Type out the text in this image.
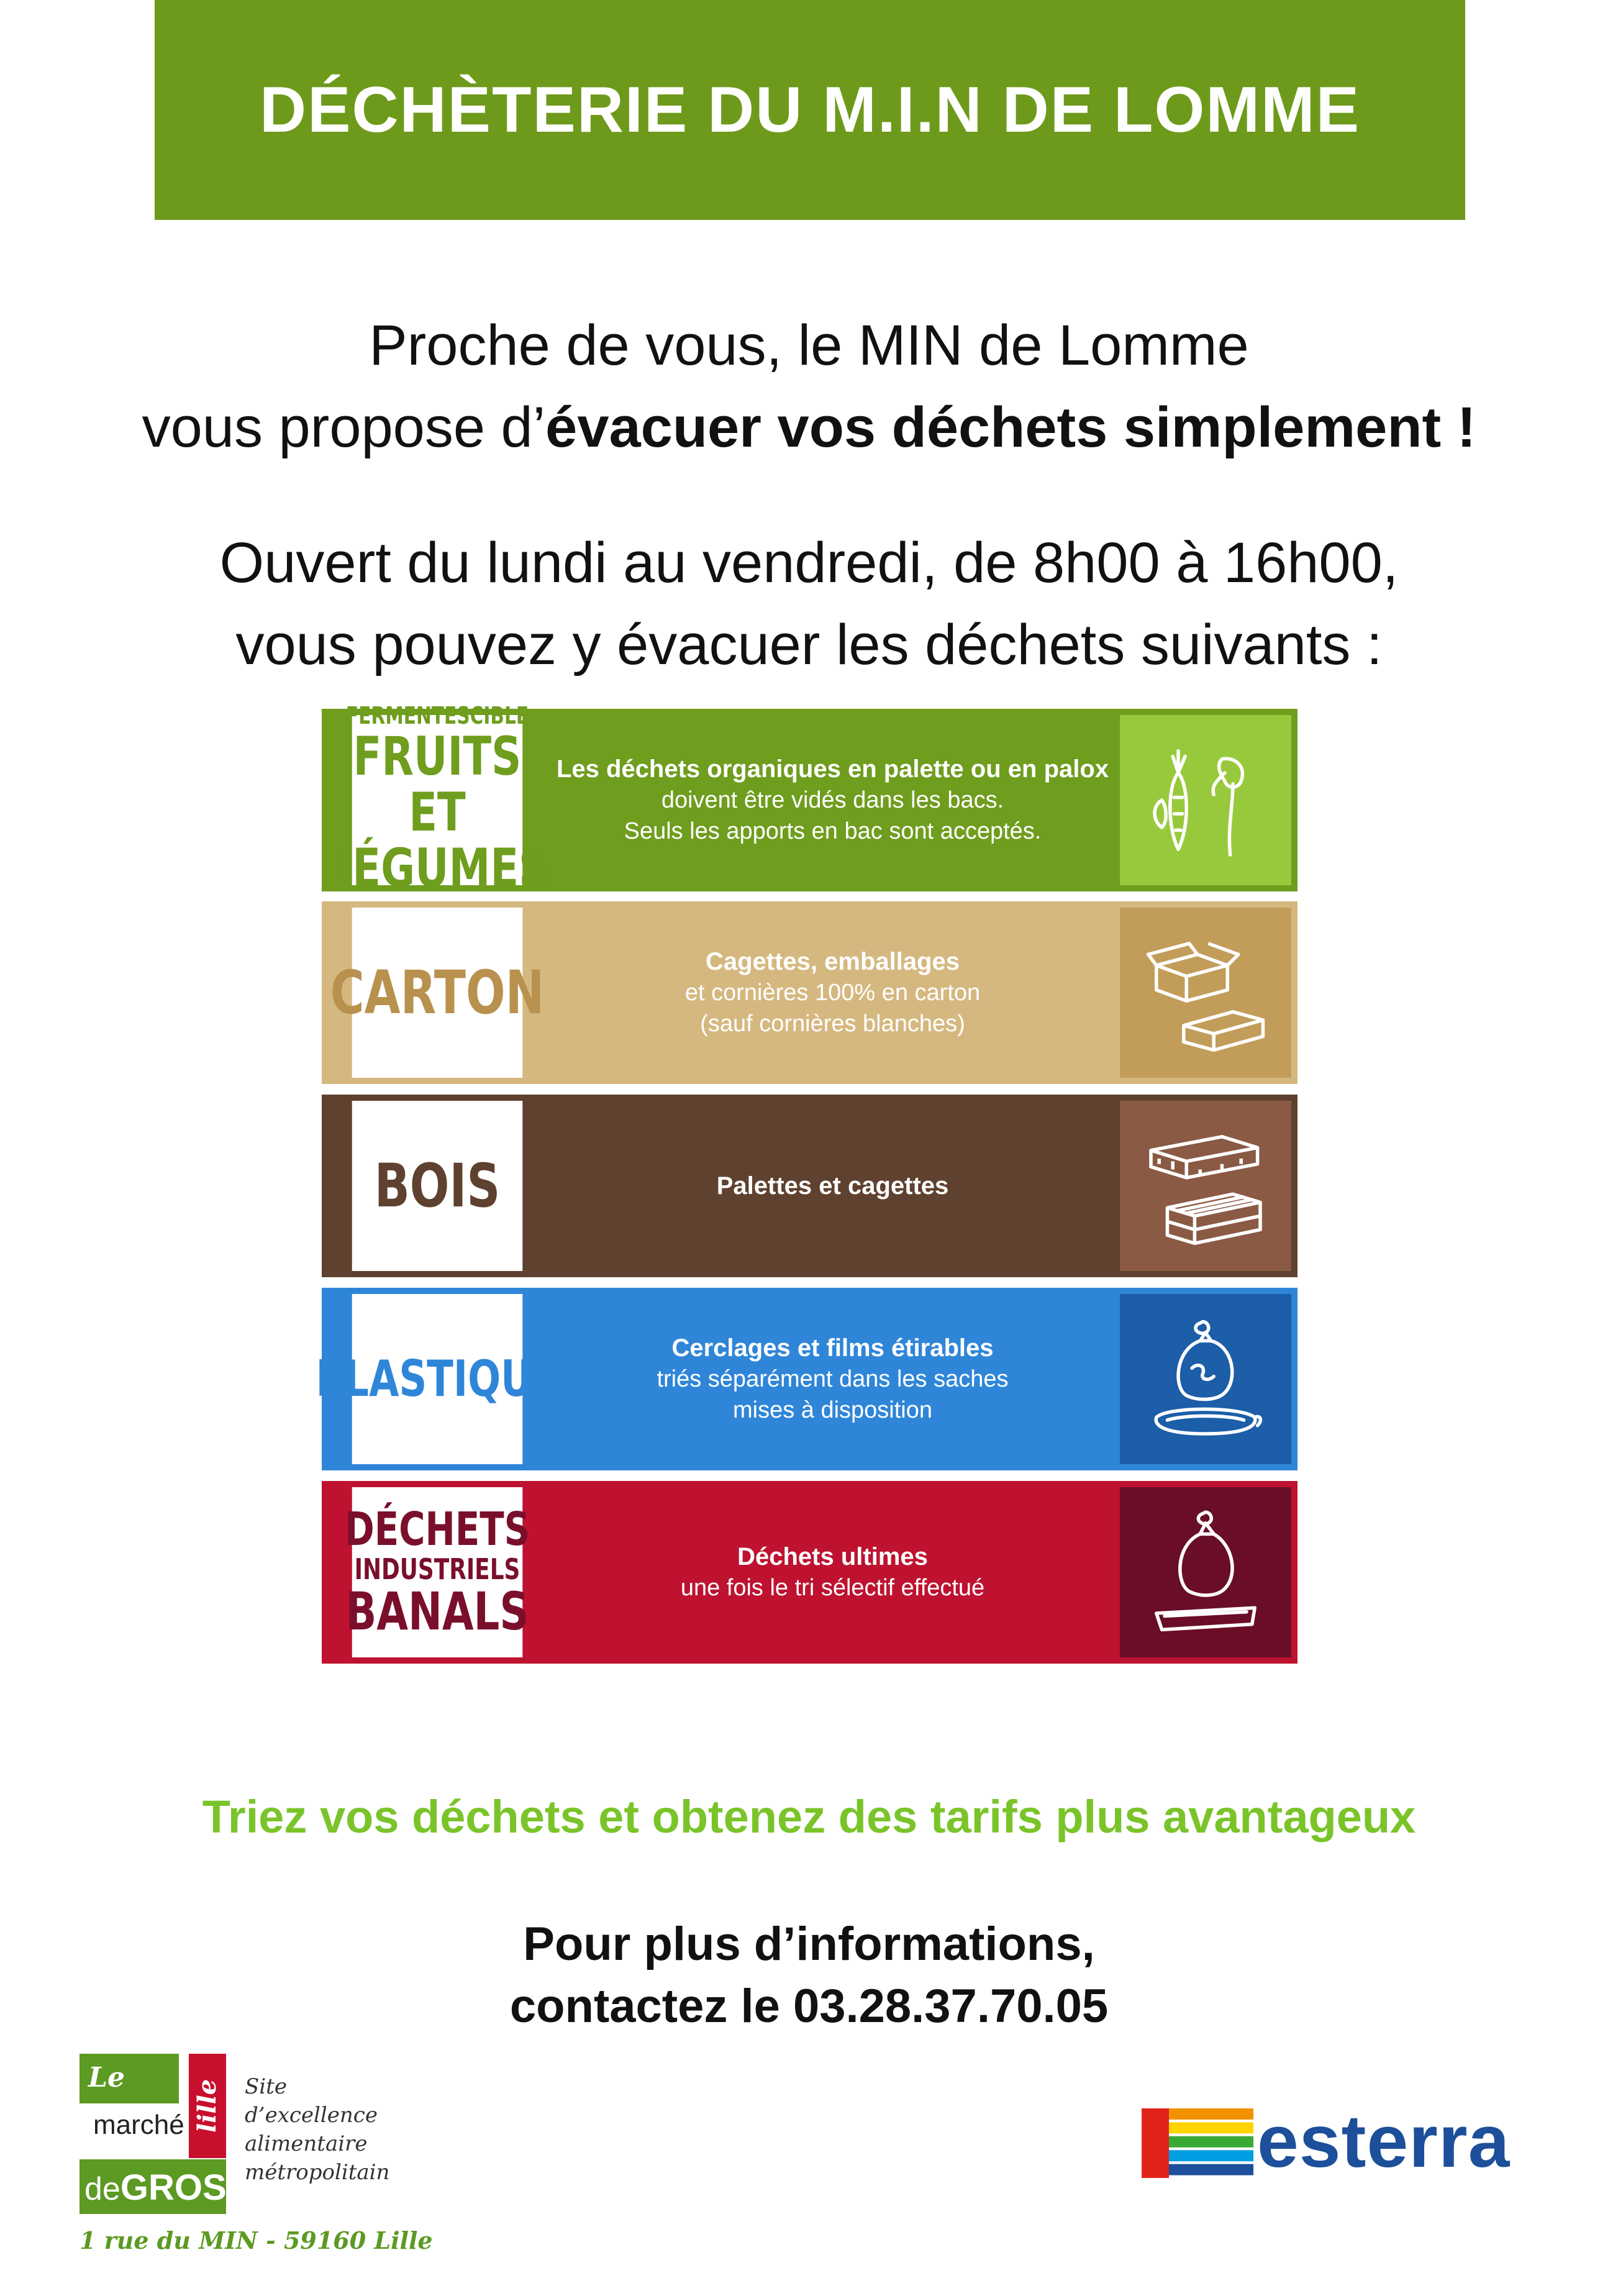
DÉCHÈTERIE DU M.I.N DE LOMME
Proche de vous, le MIN de Lomme
vous propose d’évacuer vos déchets simplement !
Ouvert du lundi au vendredi, de 8h00 à 16h00,
vous pouvez y évacuer les déchets suivants :
FERMENTESCIBLE
FRUITS ET
LÉGUMES
Les déchets organiques en palette ou en palox
doivent être vidés dans les bacs.
Seuls les apports en bac sont acceptés.
CARTON	Cagettes, emballages
et cornières 100% en carton
(sauf cornières blanches)
BOIS	Palettes et cagettes
PLASTIQUE
Cerclages et films étirables
triés séparément dans les saches
mises à disposition
DÉCHETS
INDUSTRIELS
BANALS
Déchets ultimes
une fois le tri sélectif effectué
Triez vos déchets et obtenez des tarifs plus avantageux
Pour plus d’informations,
contactez le 03.28.37.70.05
Le
lille
marché
deGROS
Site
d’excellence
alimentaire
métropolitain
1 rue du MIN - 59160 Lille
esterra
